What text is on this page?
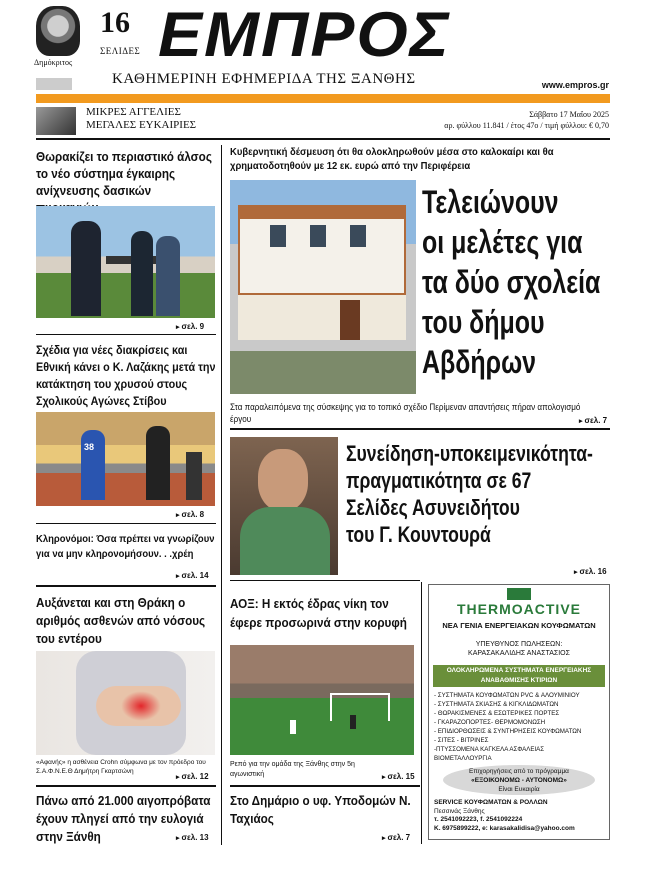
Δημόκριτος
16
ΣΕΛΙΔΕΣ ΕΜΠΡΟΣ
ΚΑΘΗΜΕΡΙΝΗ ΕΦΗΜΕΡΙΔΑ ΤΗΣ ΞΑΝΘΗΣ	www.empros.gr
ΜΙΚΡΕΣ ΑΓΓΕΛΙΕΣ
ΜΕΓΑΛΕΣ ΕΥΚΑΙΡΙΕΣ
Σάββατο 17 Μαΐου 2025
αρ. φύλλου 11.841 / έτος 47ο / τιμή φύλλου: € 0,70
Θωρακίζει το περιαστικό άλσος το νέο σύστημα έγκαιρης ανίχνευσης δασικών
▸ σελ. 9
Σχέδια για νέες διακρίσεις και Εθνική κάνει ο Κ. Λαζάκης μετά την κατάκτηση του χρυσού στους Σχολικούς Αγώνες Στίβου
38
▸ σελ. 8
Κληρονόμοι: Όσα πρέπει να γνωρίζουν για να μην κληρονομήσουν. . .χρέη
▸ σελ. 14
Αυξάνεται και στη Θράκη ο αριθμός ασθενών από νόσους του εντέρου
«Αφανής» η ασθένεια Crohn σύμφωνα με τον πρόεδρο του Σ.Α.Φ.Ν.Ε.Θ Δημήτρη Γκαρτσώνη
▸ σελ. 12
Πάνω από 21.000 αιγοπρόβατα έχουν πληγεί από την ευλογιά στην Ξάνθη	▸ σελ. 13
Κυβερνητική δέσμευση ότι θα ολοκληρωθούν μέσα στο καλοκαίρι και θα χρηματοδοτηθούν με 12 εκ. ευρώ από την Περιφέρεια
Τελειώνουν
οι μελέτες για
τα δύο σχολεία
του δήμου
Αβδήρων
Στα παραλειπόμενα της σύσκεψης για το τοπικό σχέδιο Περίμεναν απαντήσεις πήραν απολογισμό έργου	▸ σελ. 7
Συνείδηση-υποκειμενικότητα-
πραγματικότητα σε 67
Σελίδες Ασυνειδήτου
του Γ. Κουντουρά
▸ σελ. 16
ΑΟΞ: Η εκτός έδρας νίκη τον έφερε προσωρινά στην κορυφή
Ρεπό για την ομάδα της Ξάνθης στην 5η αγωνιστική	▸ σελ. 15
Στο Δημάριο ο υφ. Υποδομών Ν. Ταχιάος
▸ σελ. 7
THERMOACTIVE
ΝΕΑ ΓΕΝΙΑ ΕΝΕΡΓΕΙΑΚΩΝ ΚΟΥΦΩΜΑΤΩΝ
ΥΠΕΥΘΥΝΟΣ ΠΩΛΗΣΕΩΝ:
ΚΑΡΑΣΑΚΑΛΙΔΗΣ ΑΝΑΣΤΑΣΙΟΣ
ΟΛΟΚΛΗΡΩΜΕΝΑ ΣΥΣΤΗΜΑΤΑ ΕΝΕΡΓΕΙΑΚΗΣ ΑΝΑΒΑΘΜΙΣΗΣ ΚΤΙΡΙΩΝ
- ΣΥΣΤΗΜΑΤΑ ΚΟΥΦΩΜΑΤΩΝ PVC & ΑΛΟΥΜΙΝΙΟΥ
- ΣΥΣΤΗΜΑΤΑ ΣΚΙΑΣΗΣ & ΚΙΓΚΛΙΔΩΜΑΤΩΝ
- ΘΩΡΑΚΙΣΜΕΝΕΣ & ΕΣΩΤΕΡΙΚΕΣ ΠΟΡΤΕΣ
- ΓΚΑΡΑΖΟΠΟΡΤΕΣ- ΘΕΡΜΟΜΟΝΩΣΗ
- ΕΠΙΔΙΟΡΘΩΣΕΙΣ & ΣΥΝΤΗΡΗΣΕΙΣ ΚΟΥΦΩΜΑΤΩΝ
- ΣΙΤΕΣ - ΒΙΤΡΙΝΕΣ
-ΠΤΥΣΣΟΜΕΝΑ ΚΑΓΚΕΛΑ ΑΣΦΑΛΕΙΑΣ
ΒΙΟΜΕΤΑΛΛΟΥΡΓΙΑ
Επιχορηγήσεις από το πρόγραμμα
«ΕΞΟΙΚΟΝΟΜΩ - ΑΥΤΟΝΟΜΩ»
Είναι Ευκαιρία
SERVICE ΚΟΥΦΩΜΑΤΩΝ & ΡΟΛΛΩΝ
Πεσσινάς Ξάνθης
τ. 2541092223, f. 2541092224
Κ. 6975899222, e: karasakalidisa@yahoo.com
